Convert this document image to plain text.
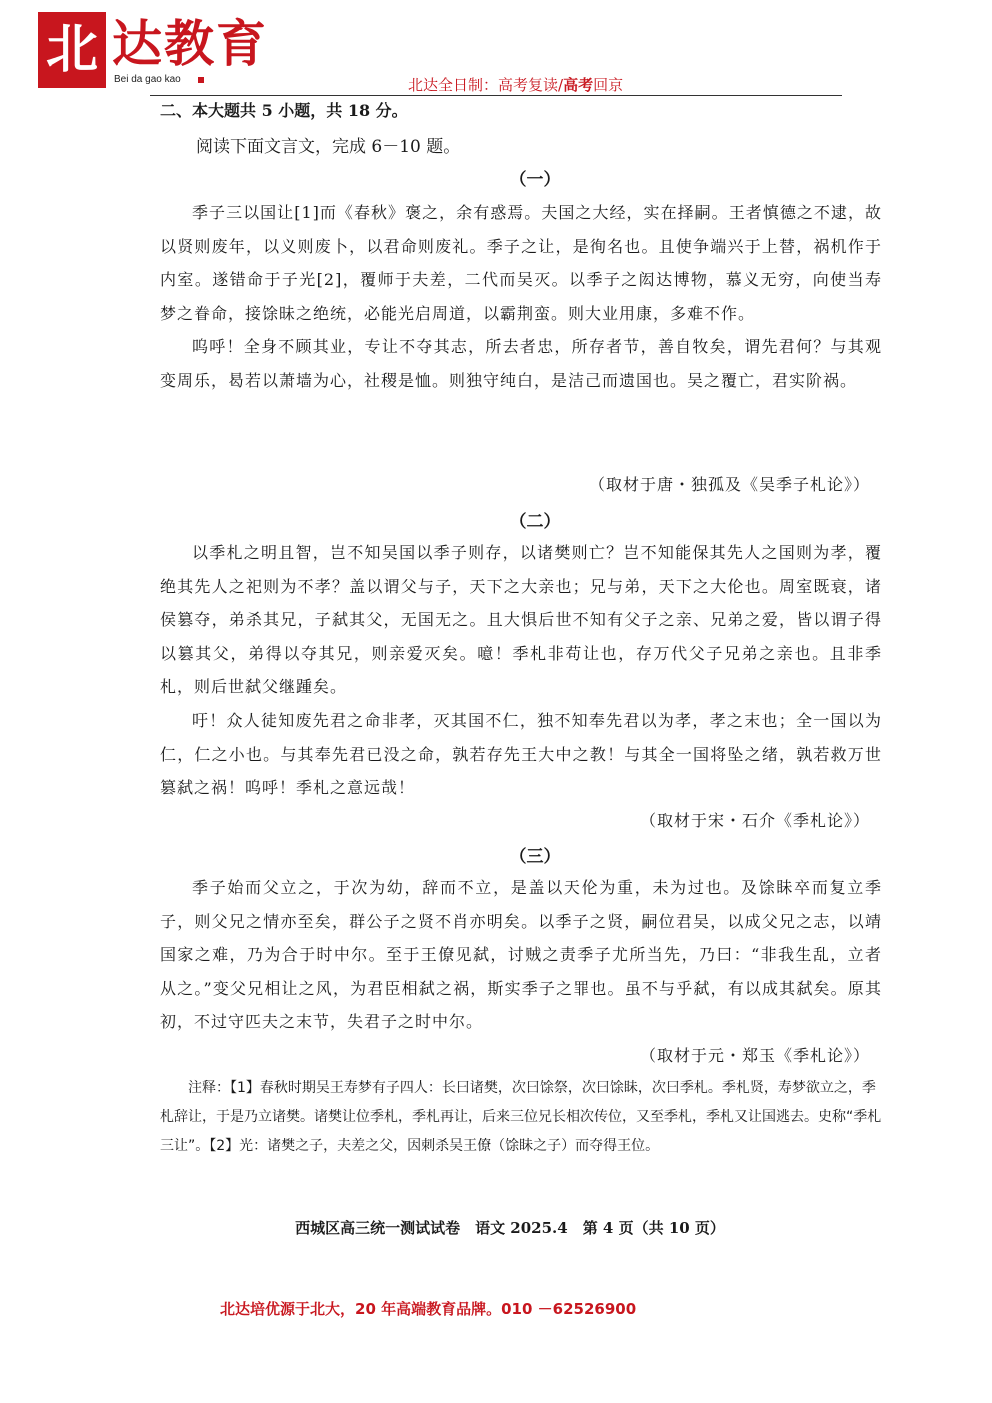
北 达教育
Bei da gao kao	北达全日制：高考复读/高考回京
二、本大题共 5 小题，共 18 分。
阅读下面文言文，完成 6－10 题。
（一）

季子三以国让[1]而《春秋》褒之，余有惑焉。夫国之大经，实在择嗣。王者慎德之不逮，故以贤则废年，以义则废卜，以君命则废礼。季子之让，是徇名也。且使争端兴于上替，祸机作于内室。遂错命于子光[2]，覆师于夫差，二代而吴灭。以季子之闳达博物，慕义无穷，向使当寿梦之眷命，接馀昧之绝统，必能光启周道，以霸荆蛮。则大业用康，多难不作。

呜呼！全身不顾其业，专让不夺其志，所去者忠，所存者节，善自牧矣，谓先君何？与其观变周乐，曷若以萧墙为心，社稷是恤。则独守纯白，是洁己而遗国也。吴之覆亡，君实阶祸。

（取材于唐・独孤及《吴季子札论》）
（二）

以季札之明且智，岂不知吴国以季子则存，以诸樊则亡？岂不知能保其先人之国则为孝，覆绝其先人之祀则为不孝？盖以谓父与子，天下之大亲也；兄与弟，天下之大伦也。周室既衰，诸侯篡夺，弟杀其兄，子弑其父，无国无之。且大惧后世不知有父子之亲、兄弟之爱，皆以谓子得以篡其父，弟得以夺其兄，则亲爱灭矣。噫！季札非苟让也，存万代父子兄弟之亲也。且非季札，则后世弑父继踵矣。

吁！众人徒知废先君之命非孝，灭其国不仁，独不知奉先君以为孝，孝之末也；全一国以为仁，仁之小也。与其奉先君已没之命，孰若存先王大中之教！与其全一国将坠之绪，孰若救万世篡弑之祸！呜呼！季札之意远哉！

（取材于宋・石介《季札论》）
（三）

季子始而父立之，于次为幼，辞而不立，是盖以天伦为重，未为过也。及馀眛卒而复立季子，则父兄之情亦至矣，群公子之贤不肖亦明矣。以季子之贤，嗣位君吴，以成父兄之志，以靖国家之难，乃为合于时中尔。至于王僚见弑，讨贼之责季子尤所当先，乃曰：“非我生乱，立者从之。”变父兄相让之风，为君臣相弑之祸，斯实季子之罪也。虽不与乎弑，有以成其弑矣。原其初，不过守匹夫之末节，失君子之时中尔。

（取材于元・郑玉《季札论》）

注释：【1】春秋时期吴王寿梦有子四人：长曰诸樊，次曰馀祭，次曰馀眛，次曰季札。季札贤，寿梦欲立之，季札辞让，于是乃立诸樊。诸樊让位季札，季札再让，后来三位兄长相次传位，又至季札，季札又让国逃去。史称“季札三让”。【2】光：诸樊之子，夫差之父，因刺杀吴王僚（馀眛之子）而夺得王位。

西城区高三统一测试试卷　语文 2025.4　第 4 页（共 10 页）
北达培优源于北大，20 年高端教育品牌。010 －62526900
